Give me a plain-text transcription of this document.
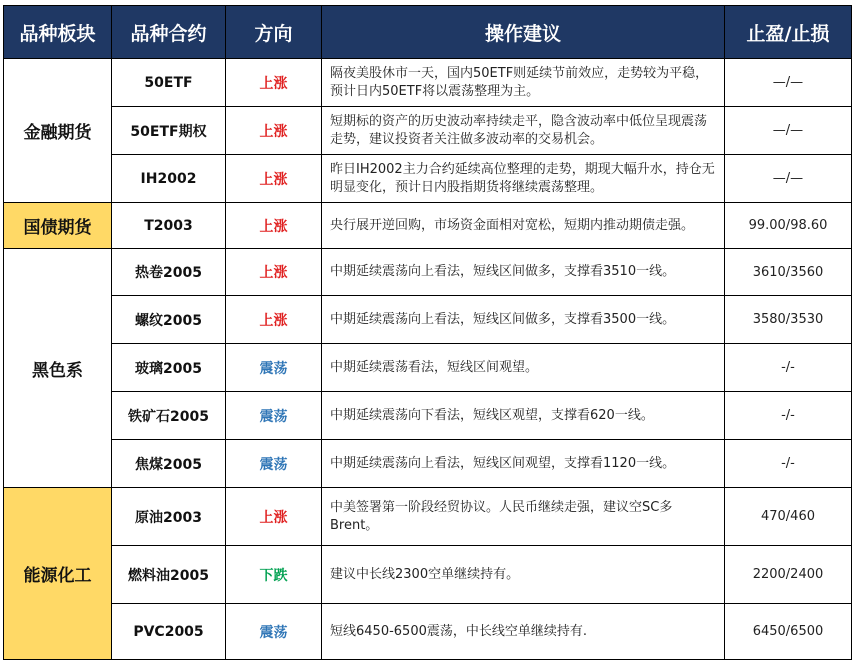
品种板块	品种合约	方向	操作建议	止盈/止损
金融期货	50ETF	上涨	隔夜美股休市一天，国内50ETF则延续节前效应，走势较为平稳，预计日内50ETF将以震荡整理为主。	—/—
	50ETF期权	上涨	短期标的资产的历史波动率持续走平，隐含波动率中低位呈现震荡走势，建议投资者关注做多波动率的交易机会。	—/—
	IH2002	上涨	昨日IH2002主力合约延续高位整理的走势，期现大幅升水，持仓无明显变化，预计日内股指期货将继续震荡整理。	—/—
国债期货	T2003	上涨	央行展开逆回购，市场资金面相对宽松，短期内推动期债走强。	99.00/98.60
黑色系	热卷2005	上涨	中期延续震荡向上看法，短线区间做多，支撑看3510一线。	3610/3560
	螺纹2005	上涨	中期延续震荡向上看法，短线区间做多，支撑看3500一线。	3580/3530
	玻璃2005	震荡	中期延续震荡看法，短线区间观望。	-/-
	铁矿石2005	震荡	中期延续震荡向下看法，短线区观望，支撑看620一线。	-/-
	焦煤2005	震荡	中期延续震荡向上看法，短线区间观望，支撑看1120一线。	-/-
能源化工	原油2003	上涨	中美签署第一阶段经贸协议。人民币继续走强，建议空SC多Brent。	470/460
	燃料油2005	下跌	建议中长线2300空单继续持有。	2200/2400
	PVC2005	震荡	短线6450-6500震荡，中长线空单继续持有.	6450/6500
